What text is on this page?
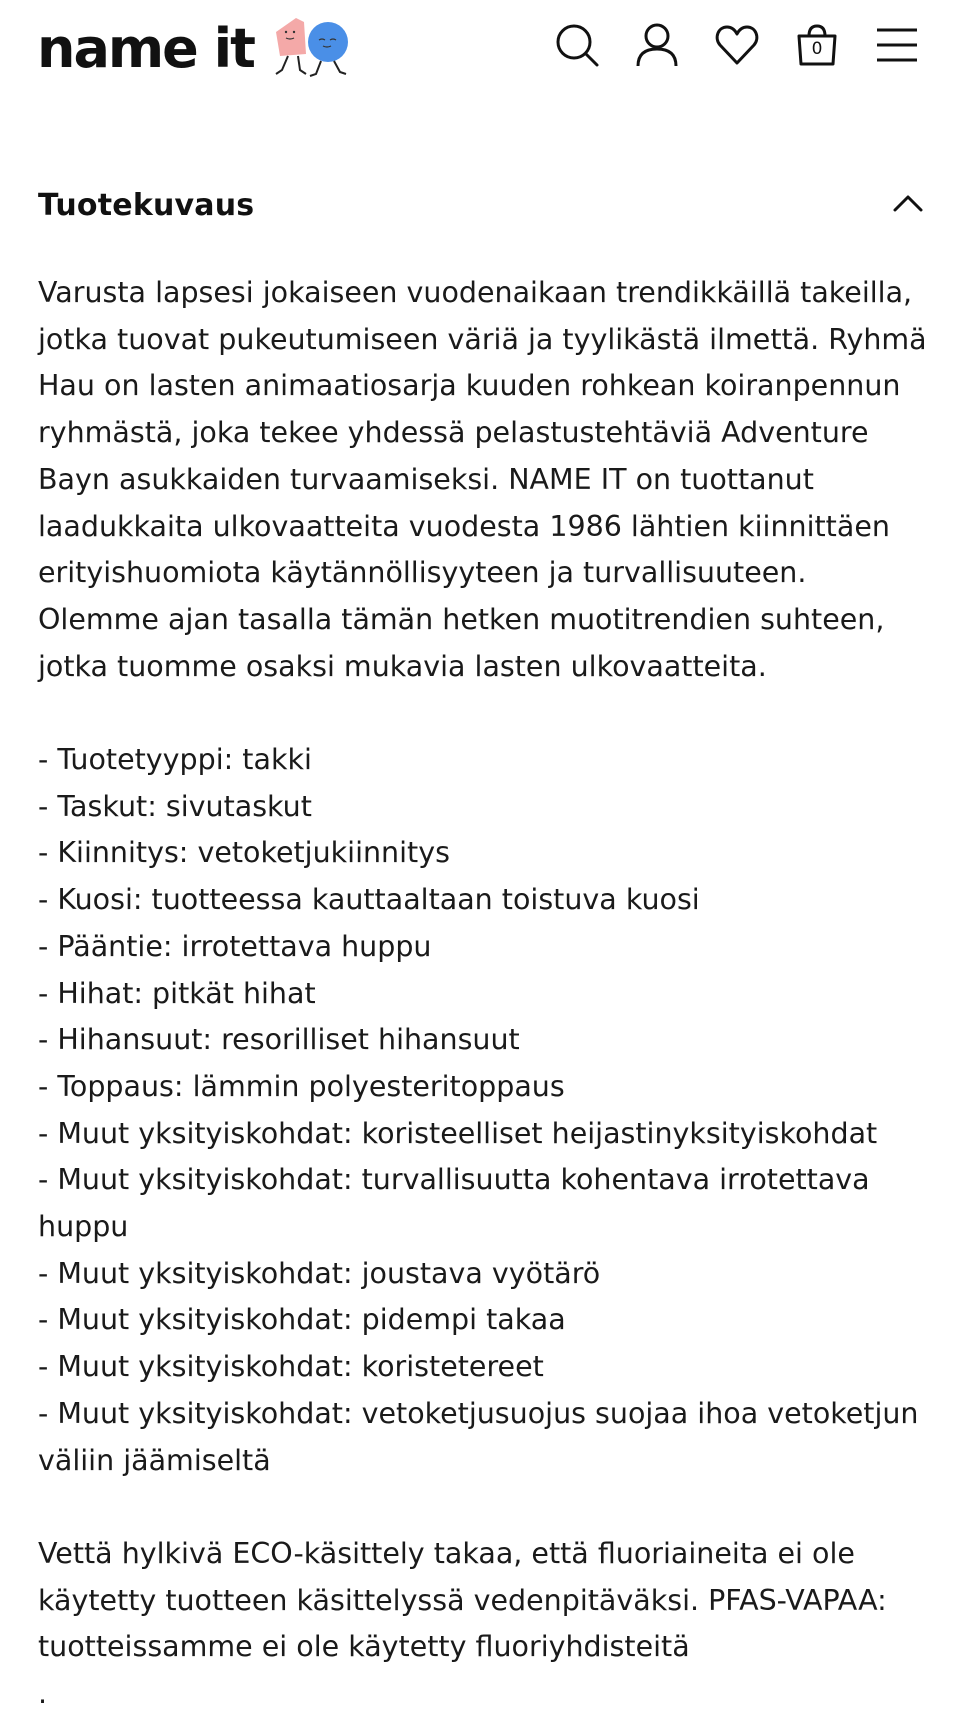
name it	0
Tuotekuvaus

Varusta lapsesi jokaiseen vuodenaikaan trendikkäillä takeilla, jotka tuovat pukeutumiseen väriä ja tyylikästä ilmettä. Ryhmä Hau on lasten animaatiosarja kuuden rohkean koiranpennun ryhmästä, joka tekee yhdessä pelastustehtäviä Adventure Bayn asukkaiden turvaamiseksi. NAME IT on tuottanut laadukkaita ulkovaatteita vuodesta 1986 lähtien kiinnittäen erityishuomiota käytännöllisyyteen ja turvallisuuteen. Olemme ajan tasalla tämän hetken muotitrendien suhteen, jotka tuomme osaksi mukavia lasten ulkovaatteita.

- Tuotetyyppi: takki
- Taskut: sivutaskut
- Kiinnitys: vetoketjukiinnitys
- Kuosi: tuotteessa kauttaaltaan toistuva kuosi
- Pääntie: irrotettava huppu
- Hihat: pitkät hihat
- Hihansuut: resorilliset hihansuut
- Toppaus: lämmin polyesteritoppaus
- Muut yksityiskohdat: koristeelliset heijastinyksityiskohdat
- Muut yksityiskohdat: turvallisuutta kohentava irrotettava huppu
- Muut yksityiskohdat: joustava vyötärö
- Muut yksityiskohdat: pidempi takaa
- Muut yksityiskohdat: koristetereet
- Muut yksityiskohdat: vetoketjusuojus suojaa ihoa vetoketjun väliin jäämiseltä

Vettä hylkivä ECO-käsittely takaa, että fluoriaineita ei ole käytetty tuotteen käsittelyssä vedenpitäväksi. PFAS-VAPAA: tuotteissamme ei ole käytetty fluoriyhdisteitä

.
